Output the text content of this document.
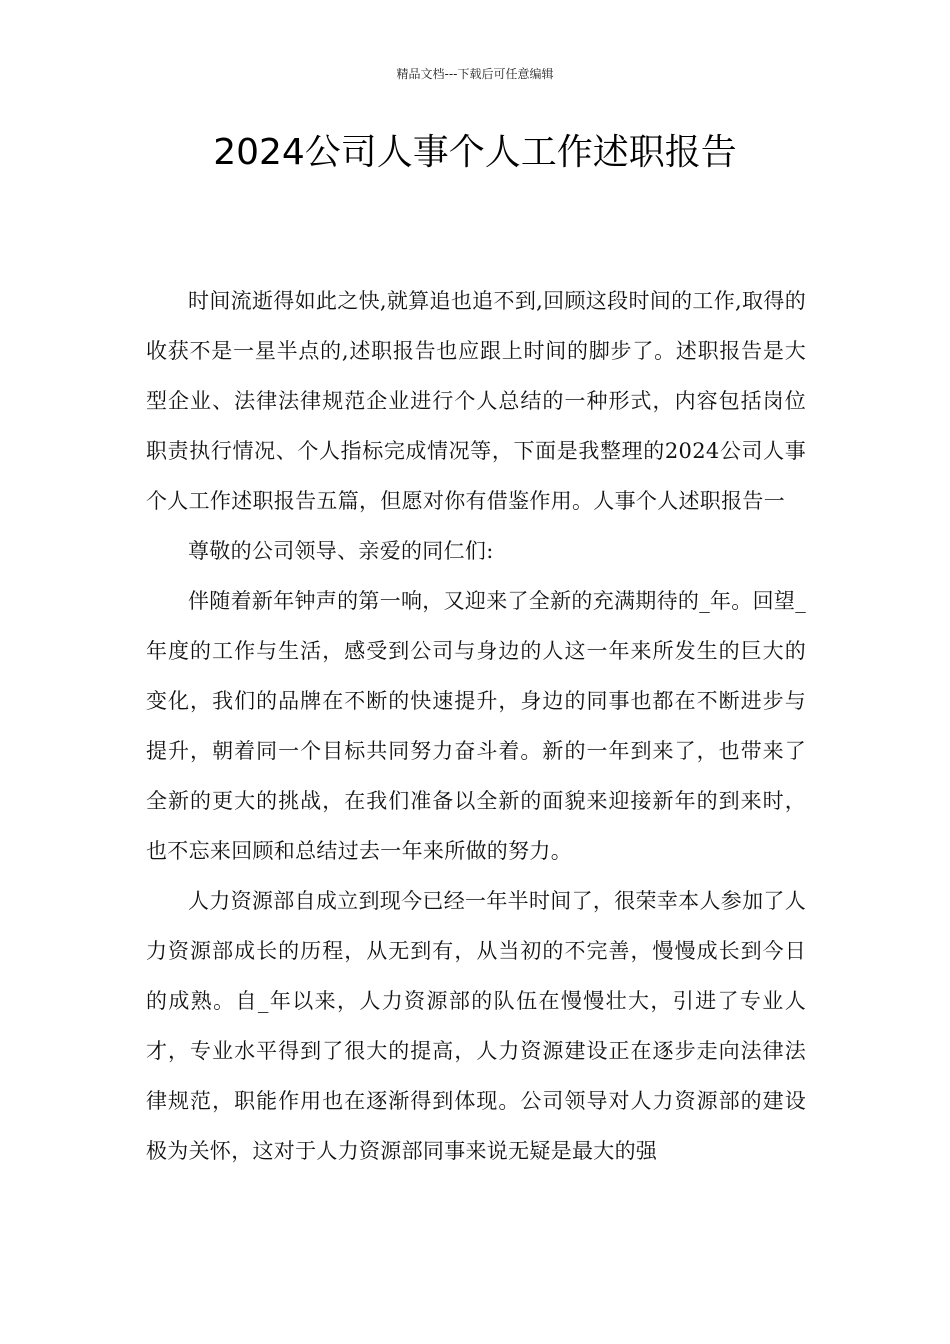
精品文档---下载后可任意编辑
2024公司人事个人工作述职报告

时间流逝得如此之快,就算追也追不到,回顾这段时间的工作,取得的收获不是一星半点的,述职报告也应跟上时间的脚步了。述职报告是大型企业、法律法律规范企业进行个人总结的一种形式，内容包括岗位职责执行情况、个人指标完成情况等，下面是我整理的2024公司人事个人工作述职报告五篇，但愿对你有借鉴作用。人事个人述职报告一

尊敬的公司领导、亲爱的同仁们:

伴随着新年钟声的第一响，又迎来了全新的充满期待的_年。回望_年度的工作与生活，感受到公司与身边的人这一年来所发生的巨大的变化，我们的品牌在不断的快速提升，身边的同事也都在不断进步与提升，朝着同一个目标共同努力奋斗着。新的一年到来了，也带来了全新的更大的挑战，在我们准备以全新的面貌来迎接新年的到来时，也不忘来回顾和总结过去一年来所做的努力。

人力资源部自成立到现今已经一年半时间了，很荣幸本人参加了人力资源部成长的历程，从无到有，从当初的不完善，慢慢成长到今日的成熟。自_年以来，人力资源部的队伍在慢慢壮大，引进了专业人才，专业水平得到了很大的提高，人力资源建设正在逐步走向法律法律规范，职能作用也在逐渐得到体现。公司领导对人力资源部的建设极为关怀，这对于人力资源部同事来说无疑是最大的强
